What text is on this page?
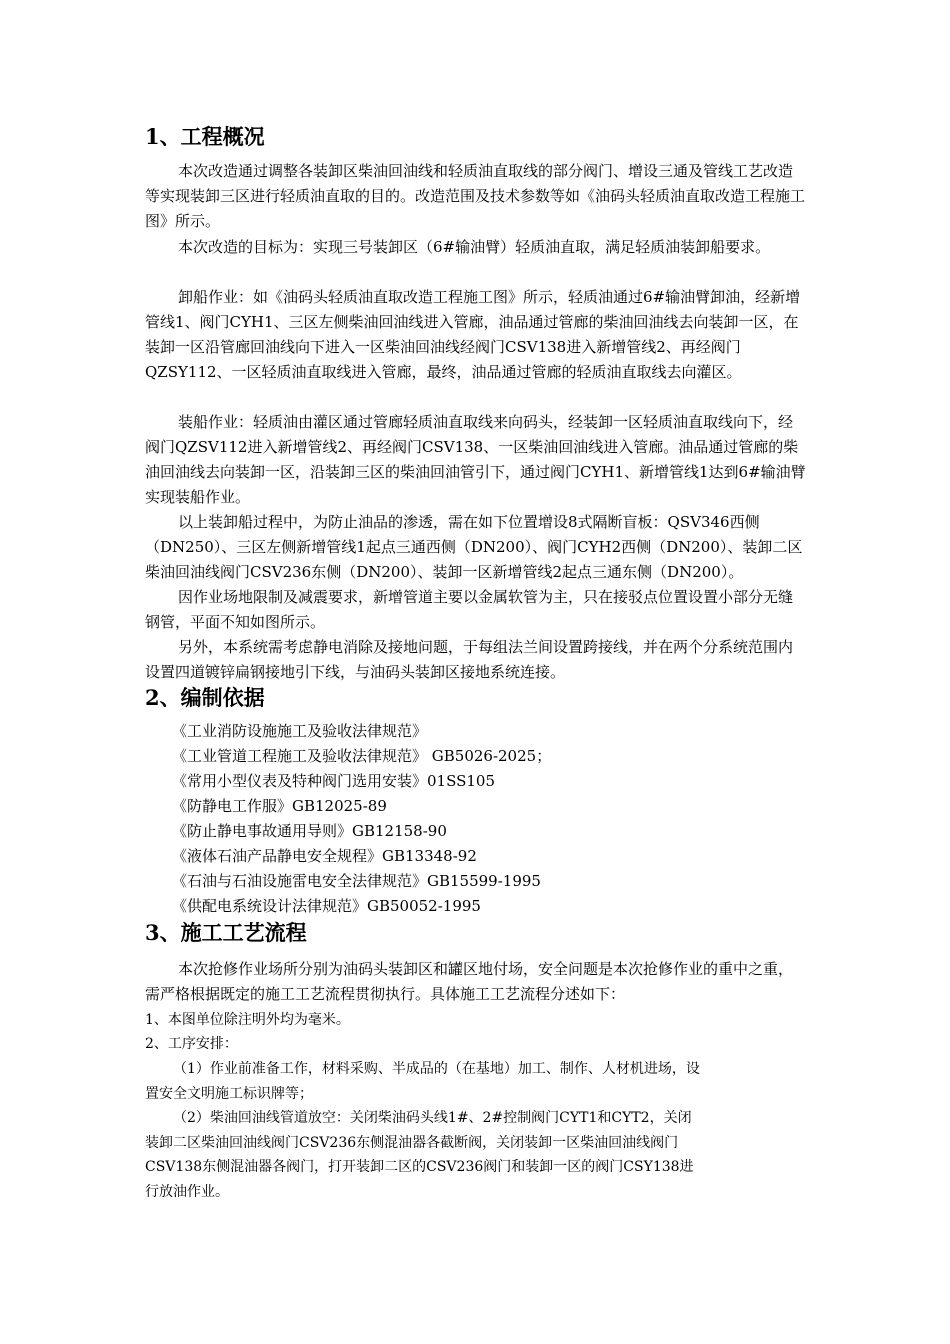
1、工程概况

本次改造通过调整各装卸区柴油回油线和轻质油直取线的部分阀门、增设三通及管线工艺改造等实现装卸三区进行轻质油直取的目的。改造范围及技术参数等如《油码头轻质油直取改造工程施工图》所示。

本次改造的目标为：实现三号装卸区（6#输油臂）轻质油直取，满足轻质油装卸船要求。

卸船作业：如《油码头轻质油直取改造工程施工图》所示，轻质油通过6#输油臂卸油，经新增管线1、阀门CYH1、三区左侧柴油回油线进入管廊，油品通过管廊的柴油回油线去向装卸一区，在装卸一区沿管廊回油线向下进入一区柴油回油线经阀门CSV138进入新增管线2、再经阀门QZSY112、一区轻质油直取线进入管廊，最终，油品通过管廊的轻质油直取线去向灌区。

装船作业：轻质油由灌区通过管廊轻质油直取线来向码头，经装卸一区轻质油直取线向下，经阀门QZSV112进入新增管线2、再经阀门CSV138、一区柴油回油线进入管廊。油品通过管廊的柴油回油线去向装卸一区，沿装卸三区的柴油回油管引下，通过阀门CYH1、新增管线1达到6#输油臂实现装船作业。

以上装卸船过程中，为防止油品的渗透，需在如下位置增设8式隔断盲板：QSV346西侧（DN250）、三区左侧新增管线1起点三通西侧（DN200）、阀门CYH2西侧（DN200）、装卸二区柴油回油线阀门CSV236东侧（DN200）、装卸一区新增管线2起点三通东侧（DN200）。

因作业场地限制及减震要求，新增管道主要以金属软管为主，只在接驳点位置设置小部分无缝钢管，平面不知如图所示。

另外，本系统需考虑静电消除及接地问题，于每组法兰间设置跨接线，并在两个分系统范围内设置四道镀锌扁钢接地引下线，与油码头装卸区接地系统连接。

2、编制依据
《工业消防设施施工及验收法律规范》
《工业管道工程施工及验收法律规范》 GB5026-2025；
《常用小型仪表及特种阀门选用安装》01SS105
《防静电工作服》GB12025-89
《防止静电事故通用导则》GB12158-90
《液体石油产品静电安全规程》GB13348-92
《石油与石油设施雷电安全法律规范》GB15599-1995
《供配电系统设计法律规范》GB50052-1995
3、施工工艺流程

本次抢修作业场所分别为油码头装卸区和罐区地付场，安全问题是本次抢修作业的重中之重，需严格根据既定的施工工艺流程贯彻执行。具体施工工艺流程分述如下：

1、本图单位除注明外均为毫米。
2、工序安排：

（1）作业前准备工作，材料采购、半成品的（在基地）加工、制作、人材机进场，设置安全文明施工标识牌等；

（2）柴油回油线管道放空：关闭柴油码头线1#、2#控制阀门CYT1和CYT2，关闭装卸二区柴油回油线阀门CSV236东侧混油器各截断阀，关闭装卸一区柴油回油线阀门CSV138东侧混油器各阀门，打开装卸二区的CSV236阀门和装卸一区的阀门CSY138进行放油作业。
